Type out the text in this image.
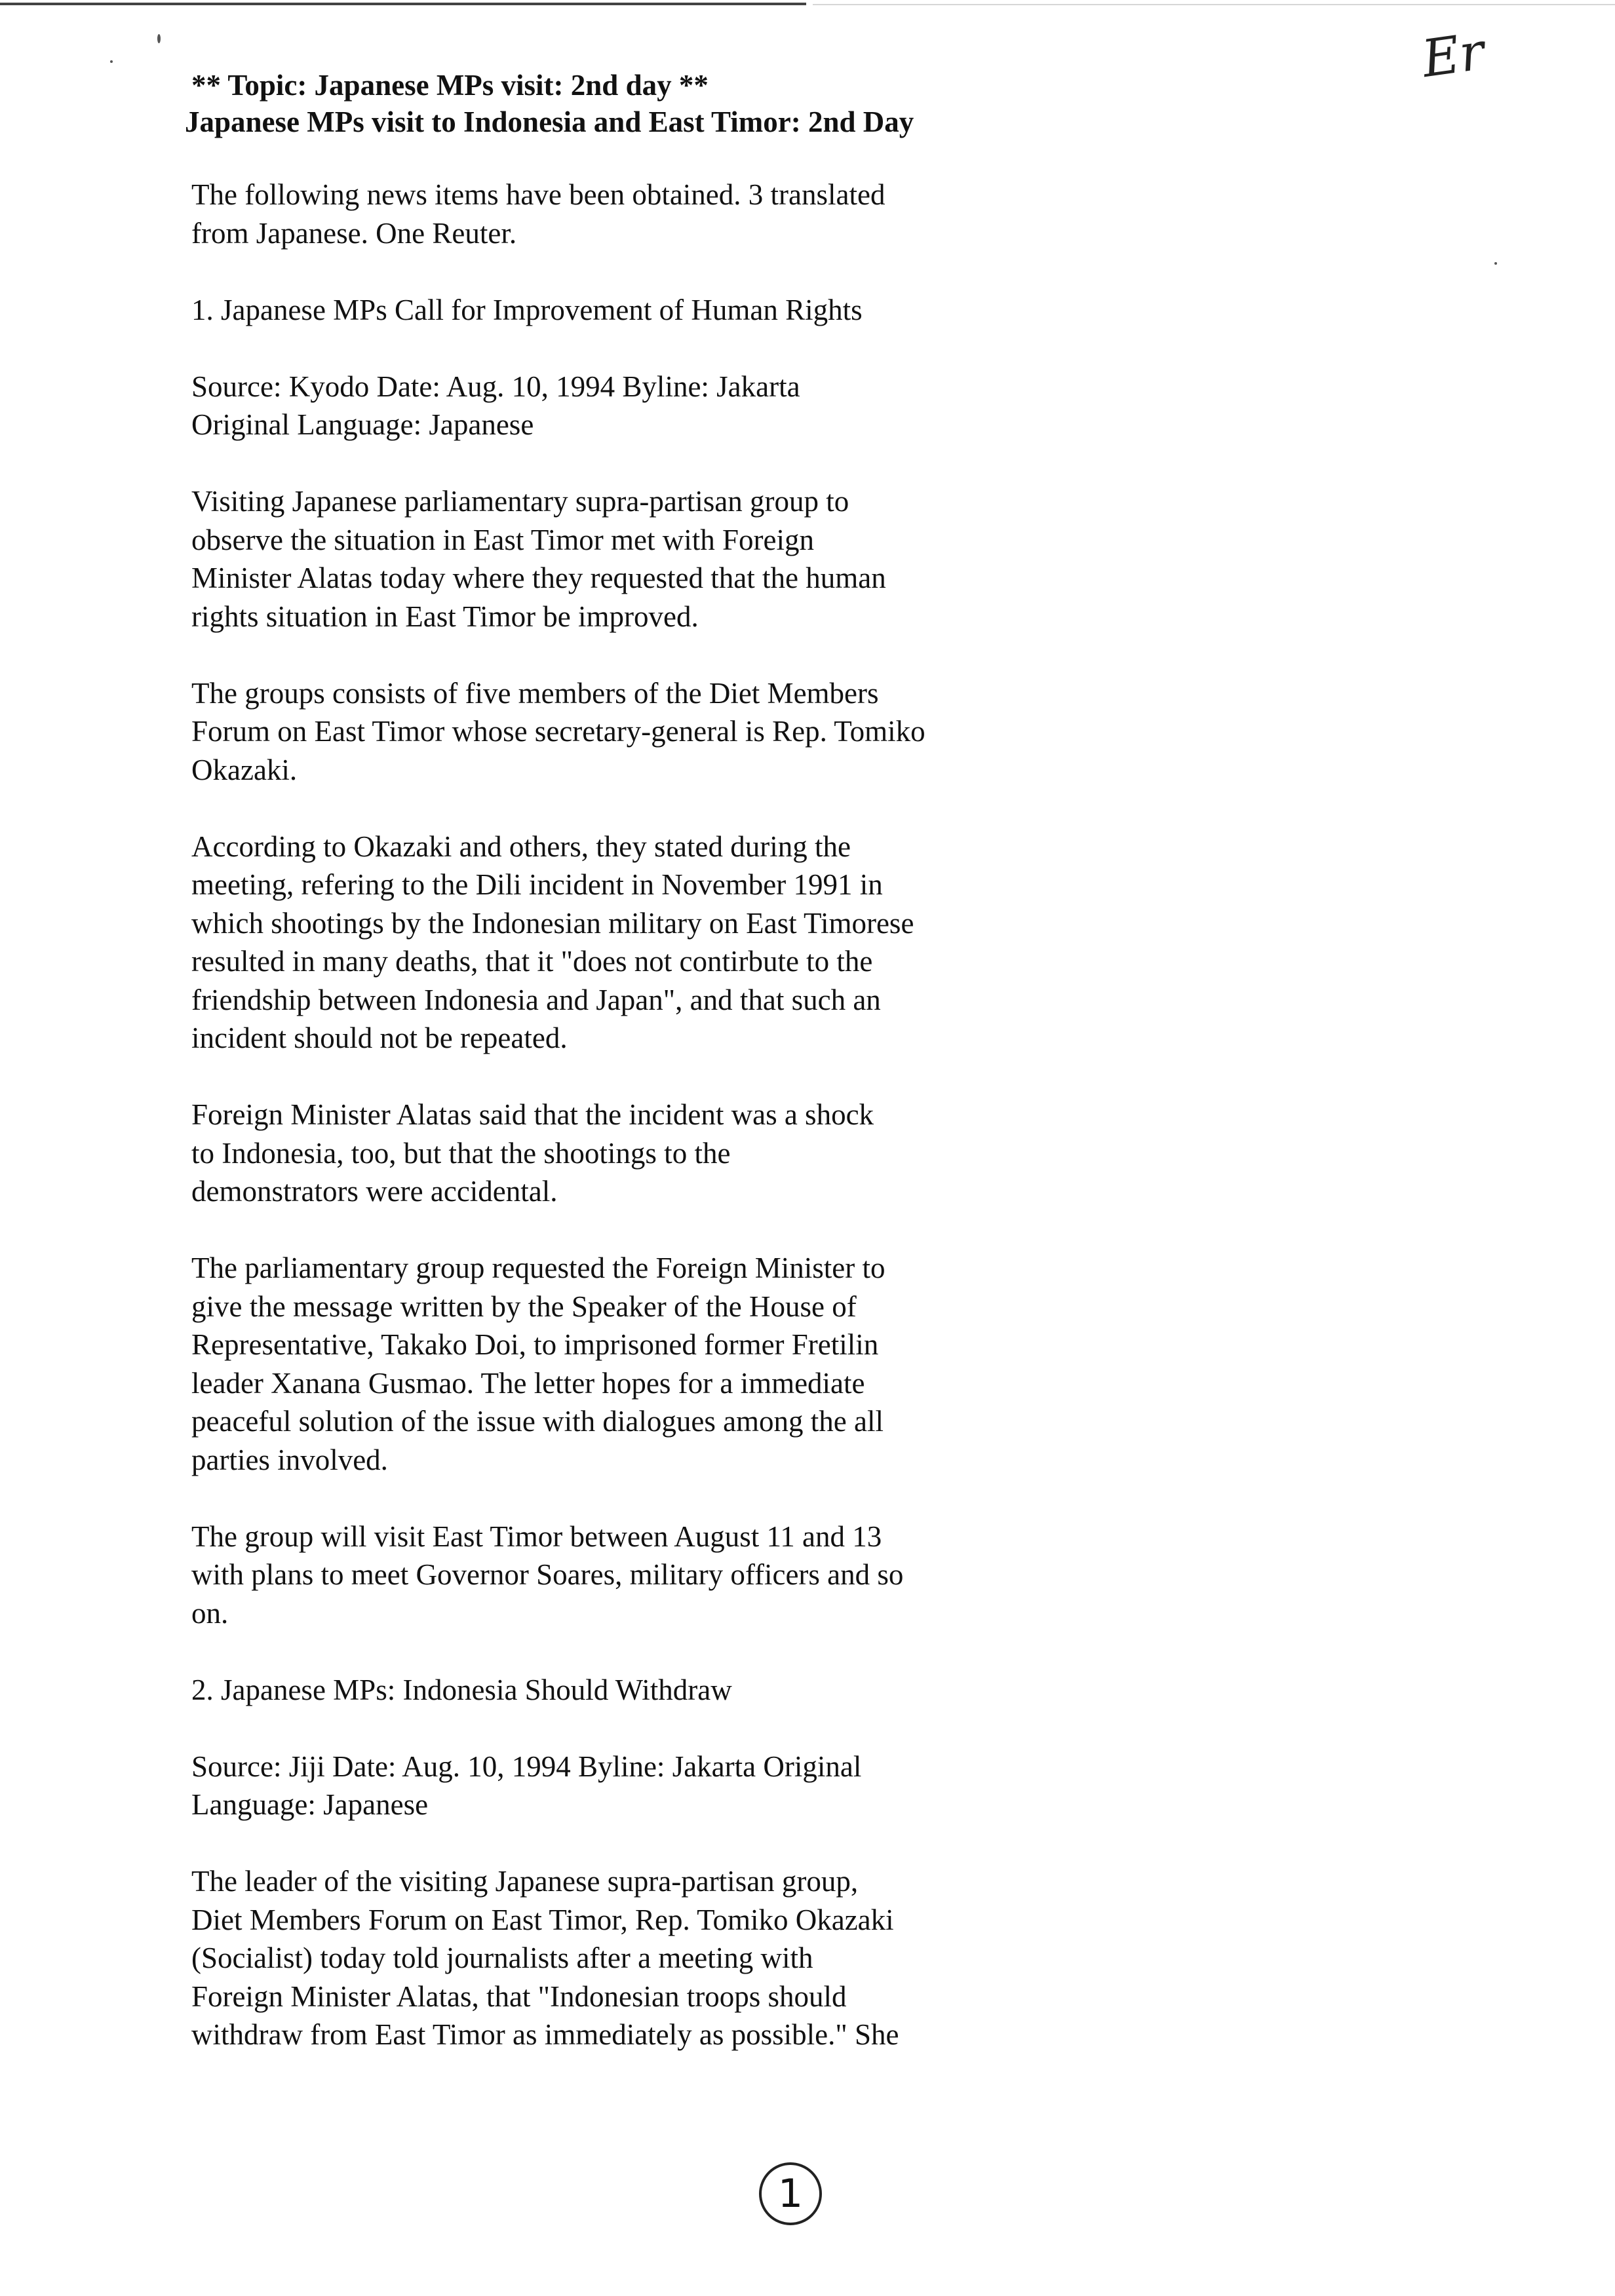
Er
** Topic: Japanese MPs visit: 2nd day **
Japanese MPs visit to Indonesia and East Timor: 2nd Day

The following news items have been obtained. 3 translated
from Japanese. One Reuter.

1. Japanese MPs Call for Improvement of Human Rights

Source: Kyodo Date: Aug. 10, 1994 Byline: Jakarta
Original Language: Japanese

Visiting Japanese parliamentary supra-partisan group to
observe the situation in East Timor met with Foreign
Minister Alatas today where they requested that the human
rights situation in East Timor be improved.

The groups consists of five members of the Diet Members
Forum on East Timor whose secretary-general is Rep. Tomiko
Okazaki.

According to Okazaki and others, they stated during the
meeting, refering to the Dili incident in November 1991 in
which shootings by the Indonesian military on East Timorese
resulted in many deaths, that it "does not contirbute to the
friendship between Indonesia and Japan", and that such an
incident should not be repeated.

Foreign Minister Alatas said that the incident was a shock
to Indonesia, too, but that the shootings to the
demonstrators were accidental.

The parliamentary group requested the Foreign Minister to
give the message written by the Speaker of the House of
Representative, Takako Doi, to imprisoned former Fretilin
leader Xanana Gusmao. The letter hopes for a immediate
peaceful solution of the issue with dialogues among the all
parties involved.

The group will visit East Timor between August 11 and 13
with plans to meet Governor Soares, military officers and so
on.

2. Japanese MPs: Indonesia Should Withdraw

Source: Jiji Date: Aug. 10, 1994 Byline: Jakarta Original
Language: Japanese

The leader of the visiting Japanese supra-partisan group,
Diet Members Forum on East Timor, Rep. Tomiko Okazaki
(Socialist) today told journalists after a meeting with
Foreign Minister Alatas, that "Indonesian troops should
withdraw from East Timor as immediately as possible." She

1
